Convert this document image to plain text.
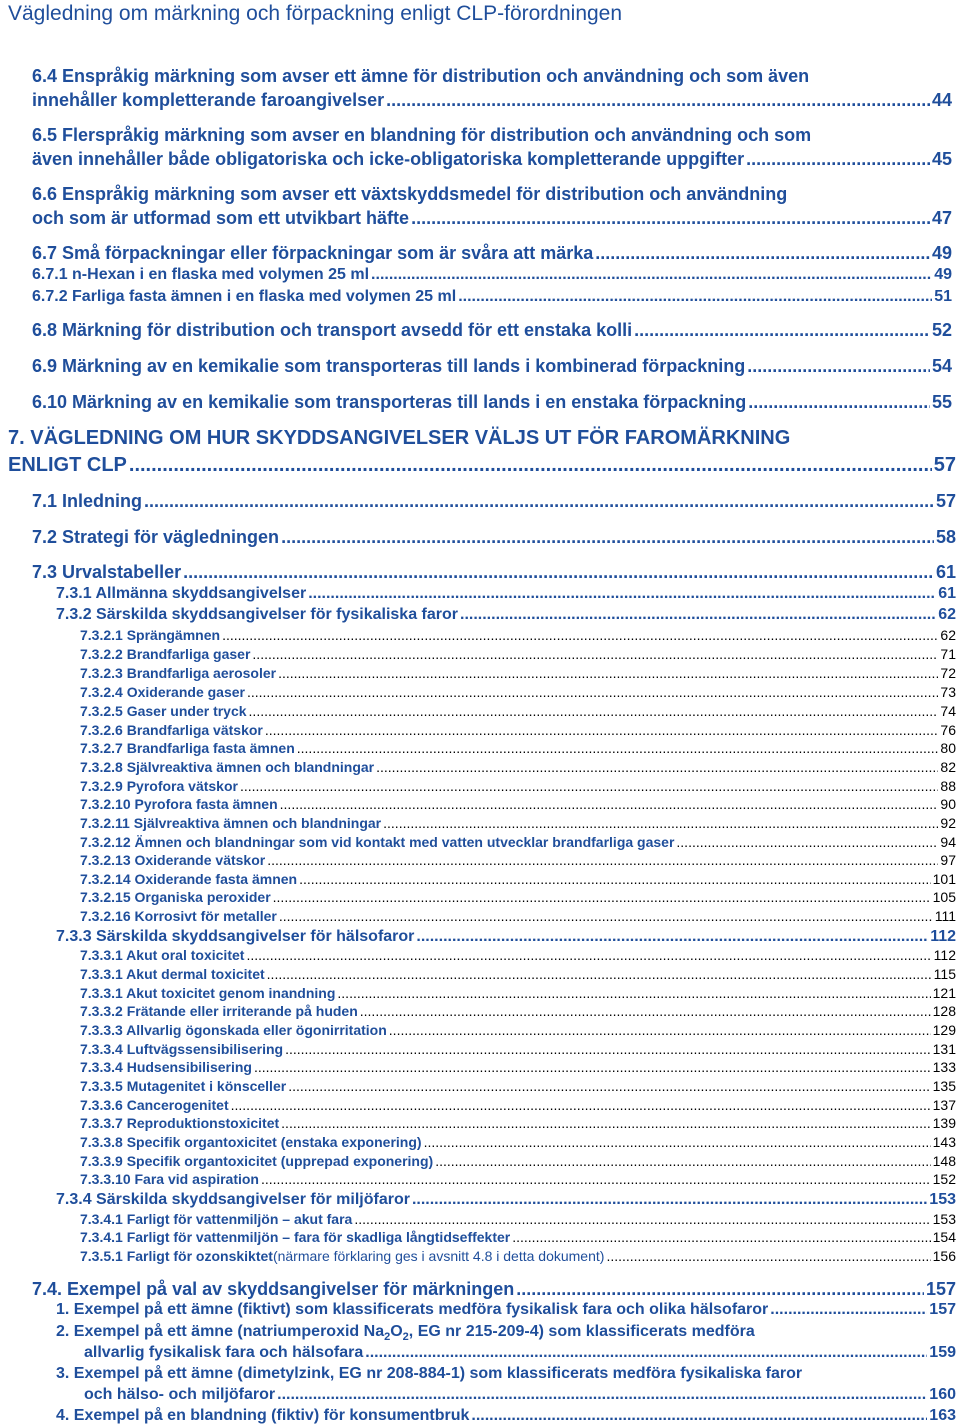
Vägledning om märkning och förpackning enligt CLP-förordningen
6.4 Enspråkig märkning som avser ett ämne för distribution och användning och som även
innehåller kompletterande faroangivelser .....	44
6.5 Flerspråkig märkning som avser en blandning för distribution och användning och som
även innehåller både obligatoriska och icke-obligatoriska kompletterande uppgifter .....	45
6.6 Enspråkig märkning som avser ett växtskyddsmedel för distribution och användning
och som är utformad som ett utvikbart häfte .....	47
6.7 Små förpackningar eller förpackningar som är svåra att märka .....	49
6.7.1 n-Hexan i en flaska med volymen 25 ml .....	49
6.7.2 Farliga fasta ämnen i en flaska med volymen 25 ml .....	51
6.8 Märkning för distribution och transport avsedd för ett enstaka kolli .....	52
6.9 Märkning av en kemikalie som transporteras till lands i kombinerad förpackning .....	54
6.10 Märkning av en kemikalie som transporteras till lands i en enstaka förpackning .....	55
7. VÄGLEDNING OM HUR SKYDDSANGIVELSER VÄLJS UT FÖR FAROMÄRKNING
ENLIGT CLP .....	57
7.1 Inledning .....	57
7.2 Strategi för vägledningen .....	58
7.3 Urvalstabeller .....	61
7.3.1 Allmänna skyddsangivelser .....	61
7.3.2 Särskilda skyddsangivelser för fysikaliska faror .....	62
7.3.2.1 Sprängämnen .....	62
7.3.2.2 Brandfarliga gaser .....	71
7.3.2.3 Brandfarliga aerosoler .....	72
7.3.2.4 Oxiderande gaser .....	73
7.3.2.5 Gaser under tryck .....	74
7.3.2.6 Brandfarliga vätskor .....	76
7.3.2.7 Brandfarliga fasta ämnen .....	80
7.3.2.8 Självreaktiva ämnen och blandningar .....	82
7.3.2.9 Pyrofora vätskor .....	88
7.3.2.10 Pyrofora fasta ämnen .....	90
7.3.2.11 Självreaktiva ämnen och blandningar .....	92
7.3.2.12 Ämnen och blandningar som vid kontakt med vatten utvecklar brandfarliga gaser .....	94
7.3.2.13 Oxiderande vätskor .....	97
7.3.2.14 Oxiderande fasta ämnen .....	101
7.3.2.15 Organiska peroxider .....	105
7.3.2.16 Korrosivt för metaller .....	111
7.3.3 Särskilda skyddsangivelser för hälsofaror .....	112
7.3.3.1 Akut oral toxicitet .....	112
7.3.3.1 Akut dermal toxicitet .....	115
7.3.3.1 Akut toxicitet genom inandning .....	121
7.3.3.2 Frätande eller irriterande på huden .....	128
7.3.3.3 Allvarlig ögonskada eller ögonirritation .....	129
7.3.3.4 Luftvägssensibilisering .....	131
7.3.3.4 Hudsensibilisering .....	133
7.3.3.5 Mutagenitet i könsceller .....	135
7.3.3.6 Cancerogenitet .....	137
7.3.3.7 Reproduktionstoxicitet .....	139
7.3.3.8 Specifik organtoxicitet (enstaka exponering) .....	143
7.3.3.9 Specifik organtoxicitet (upprepad exponering) .....	148
7.3.3.10 Fara vid aspiration .....	152
7.3.4 Särskilda skyddsangivelser för miljöfaror .....	153
7.3.4.1 Farligt för vattenmiljön – akut fara .....	153
7.3.4.1 Farligt för vattenmiljön – fara för skadliga långtidseffekter .....	154
7.3.5.1 Farligt för ozonskiktet (närmare förklaring ges i avsnitt 4.8 i detta dokument) .....	156
7.4. Exempel på val av skyddsangivelser för märkningen .....	157
1. Exempel på ett ämne (fiktivt) som klassificerats medföra fysikalisk fara och olika hälsofaror .....	157
2. Exempel på ett ämne (natriumperoxid $Na_2O_2$, EG nr 215-209-4) som klassificerats medföra
allvarlig fysikalisk fara och hälsofara .....	159
3. Exempel på ett ämne (dimetylzink, EG nr 208-884-1) som klassificerats medföra fysikaliska faror
och hälso- och miljöfaror .....	160
4. Exempel på en blandning (fiktiv) för konsumentbruk .....	163
